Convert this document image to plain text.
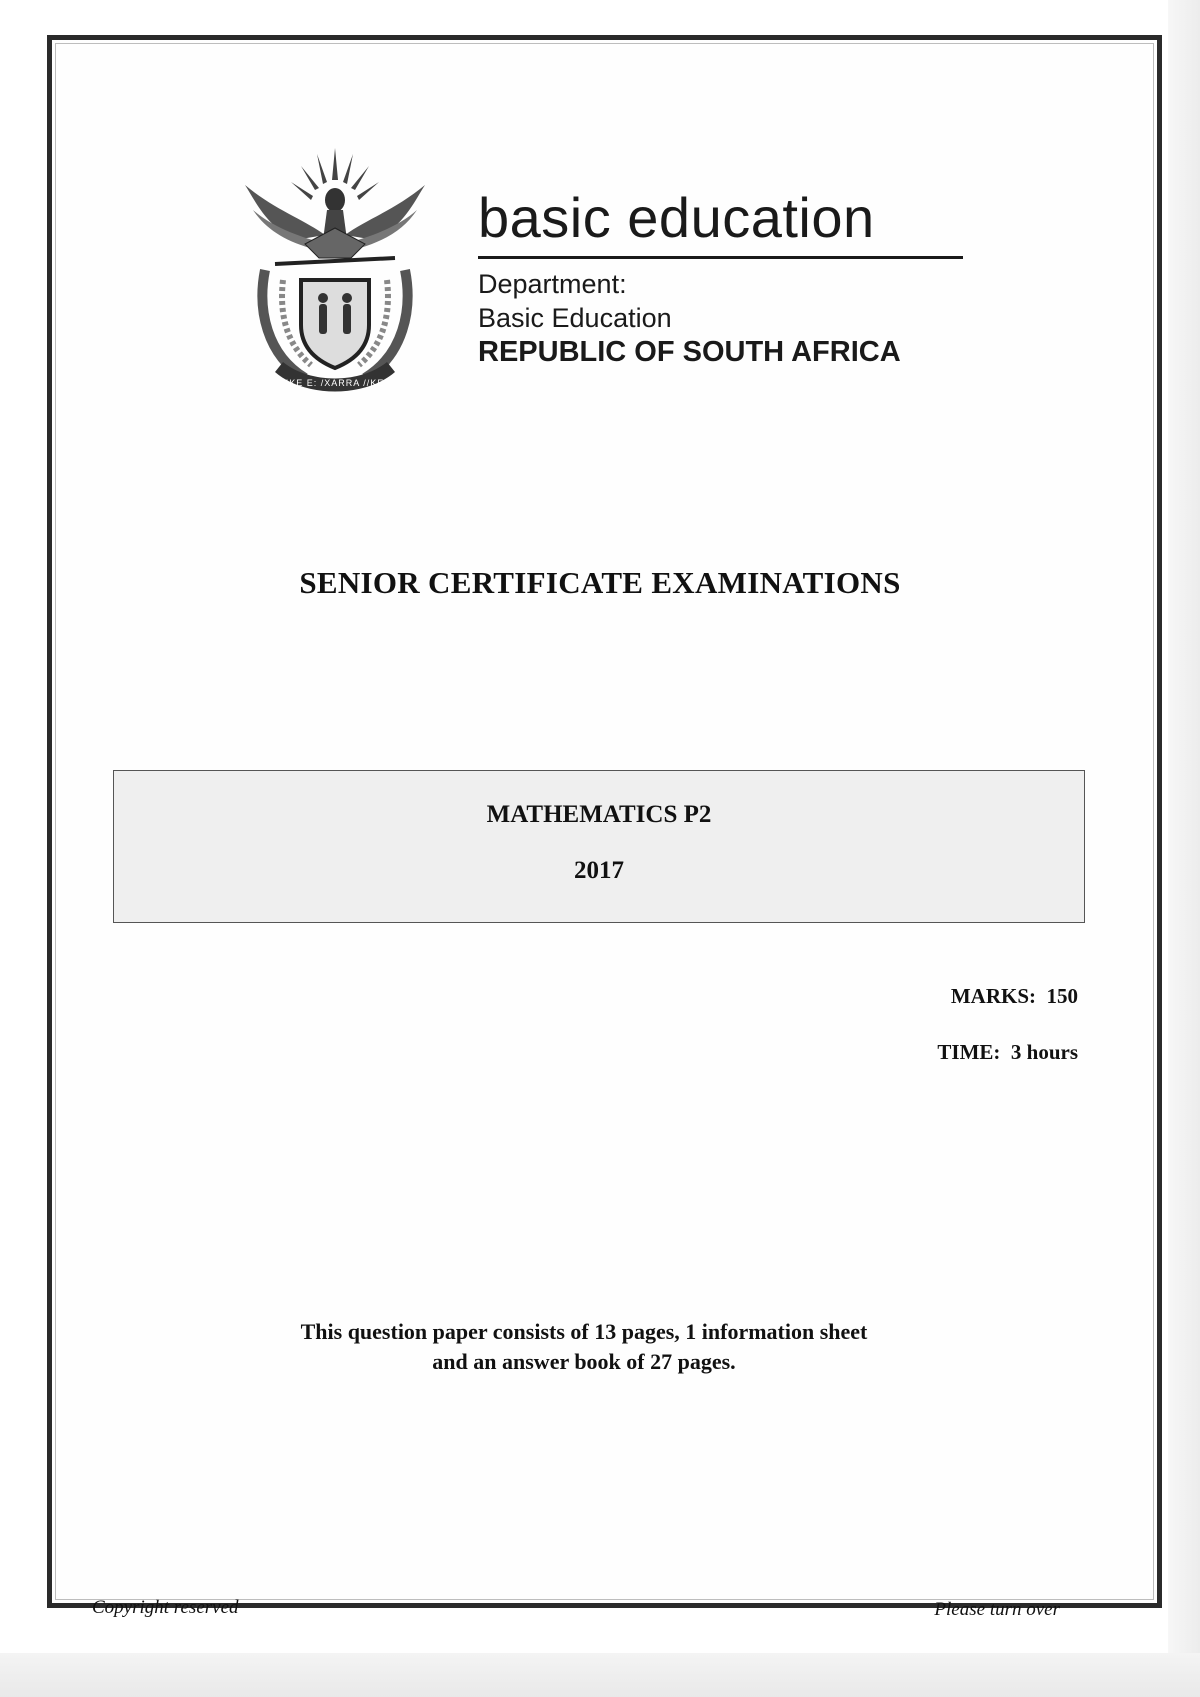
!KE E: /XARRA //KE
basic education
Department:
Basic Education
REPUBLIC OF SOUTH AFRICA
SENIOR CERTIFICATE EXAMINATIONS
MATHEMATICS P2
2017
MARKS:  150
TIME:  3 hours
This question paper consists of 13 pages, 1 information sheet
and an answer book of 27 pages.
Copyright reserved	Please turn over
